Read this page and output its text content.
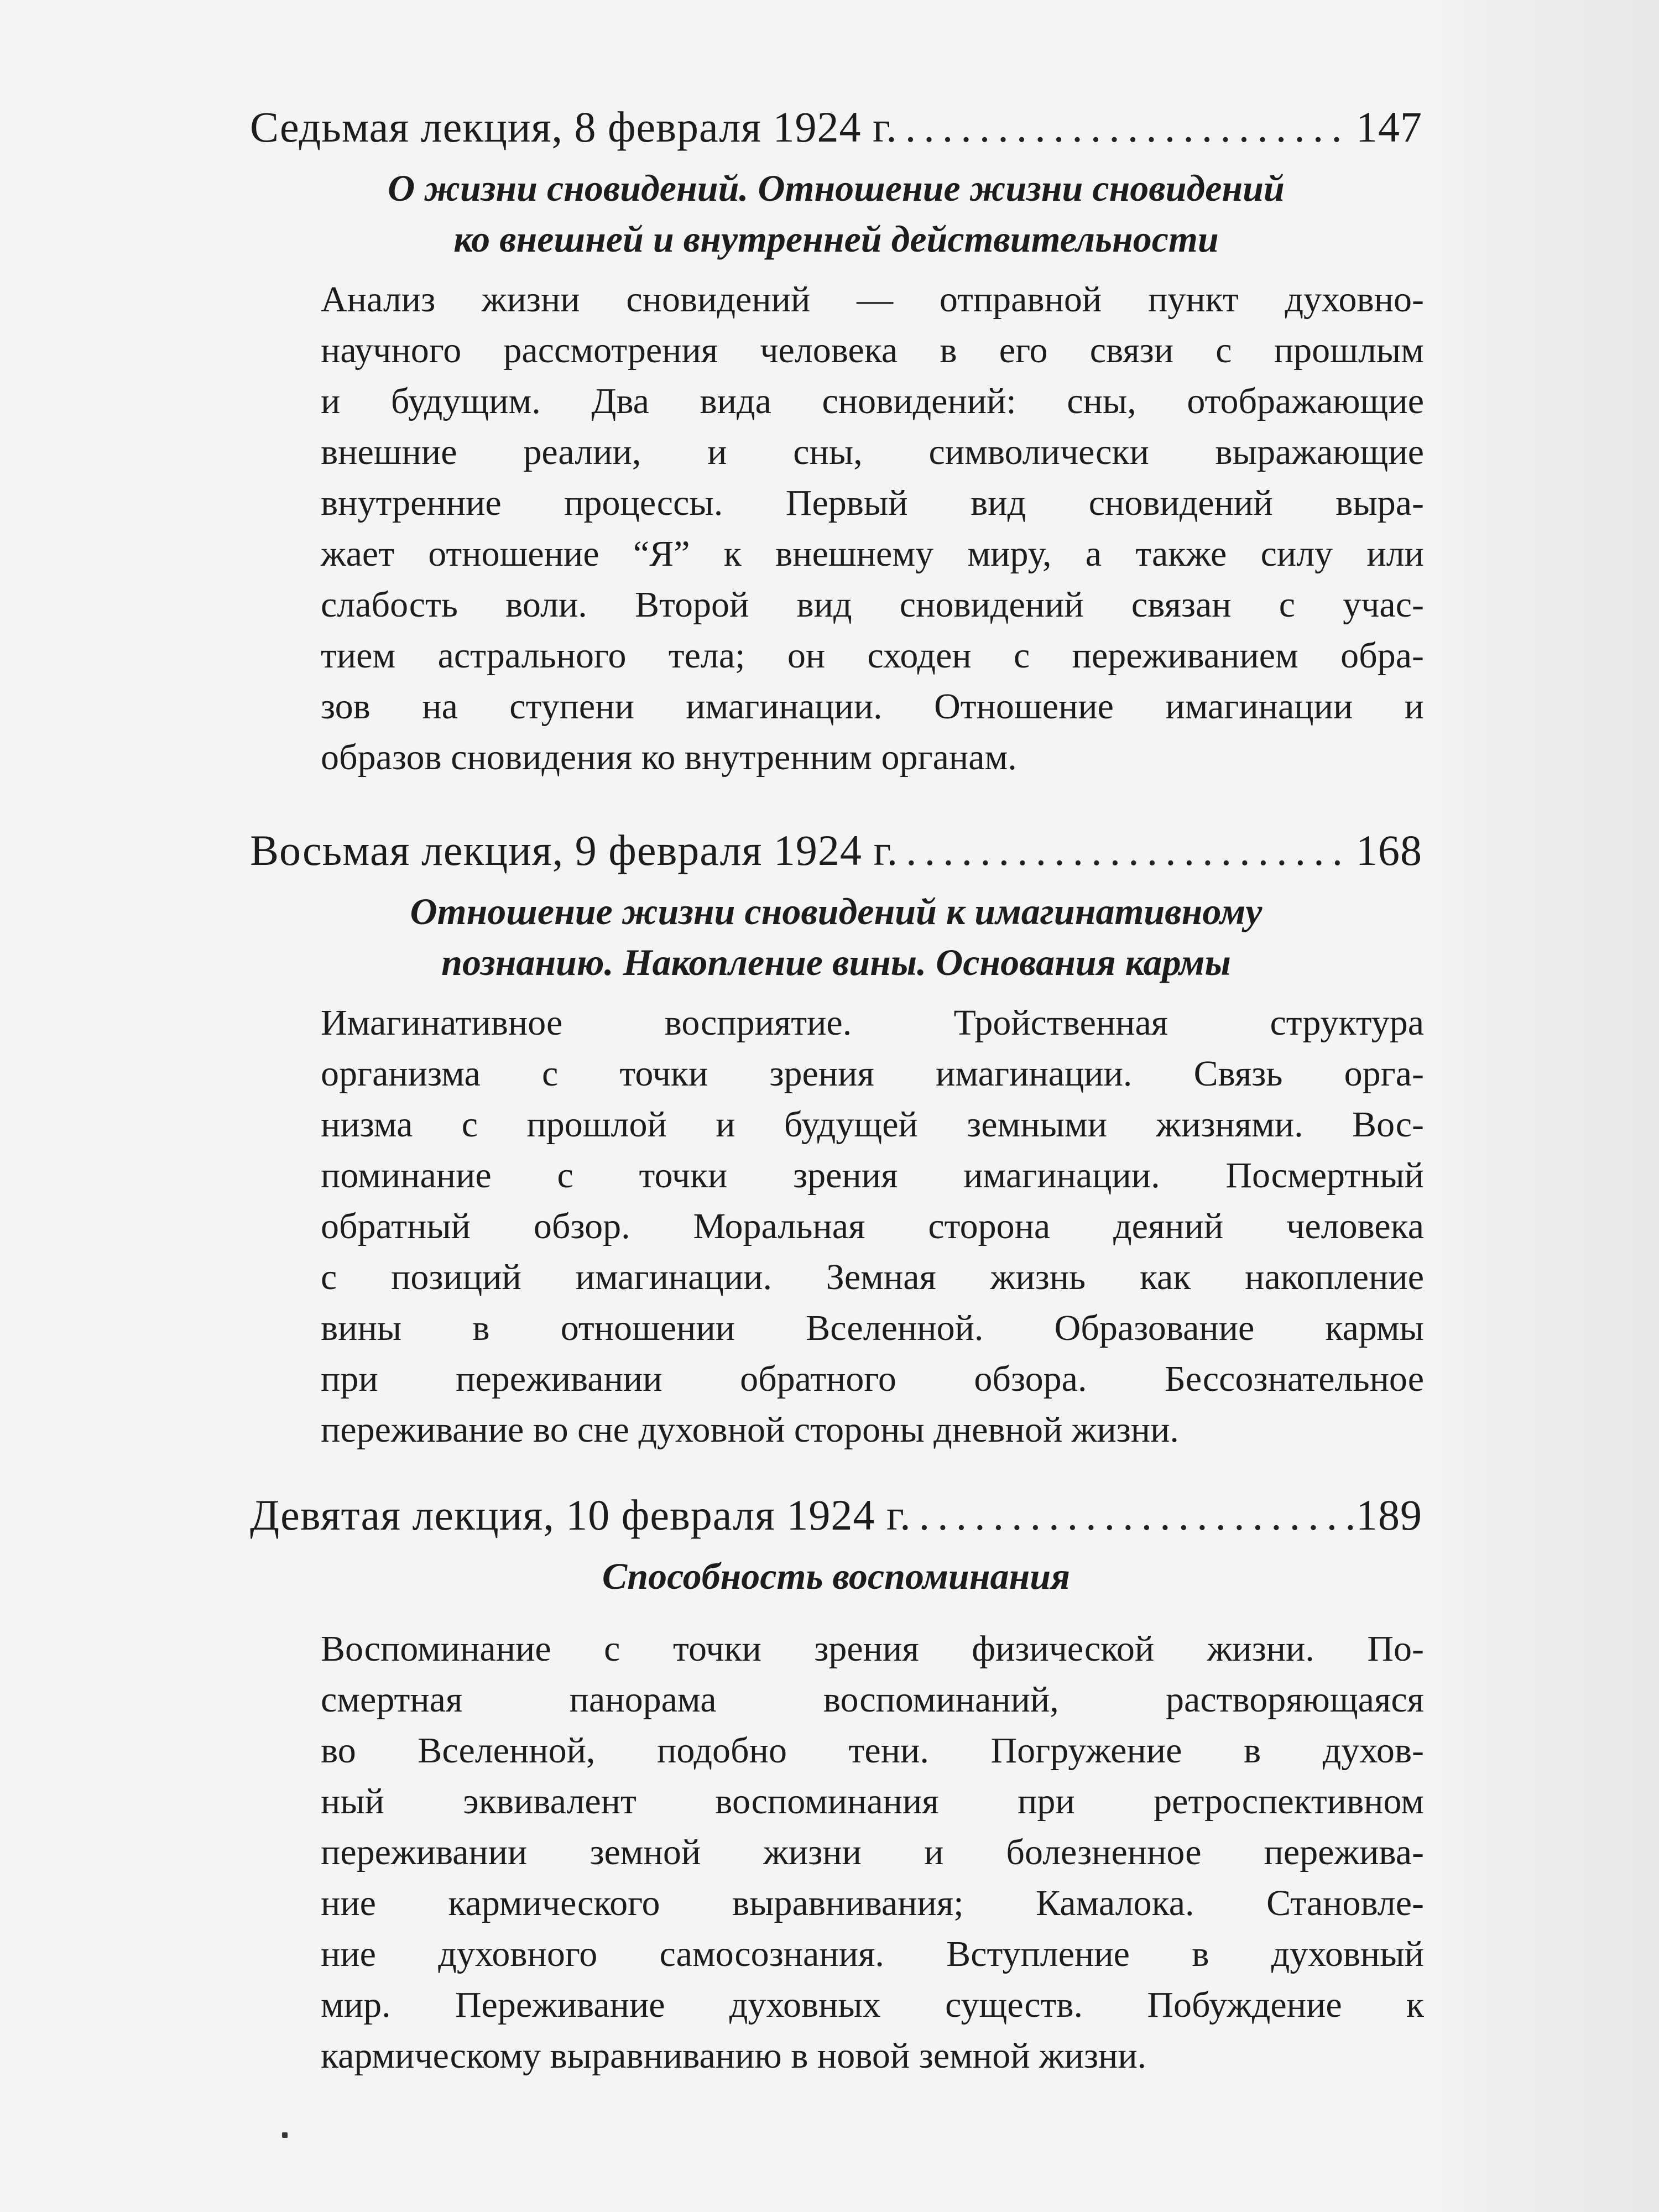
Седьмая лекция, 8 февраля 1924 г. .....	147
О жизни сновидений. Отношение жизни сновидений
ко внешней и внутренней действительности
Анализ жизни сновидений — отправной пункт духовно-
научного рассмотрения человека в его связи с прошлым
и будущим. Два вида сновидений: сны, отображающие
внешние реалии, и сны, символически выражающие
внутренние процессы. Первый вид сновидений выра-
жает отношение “Я” к внешнему миру, а также силу или
слабость воли. Второй вид сновидений связан с учас-
тием астрального тела; он сходен с переживанием обра-
зов на ступени имагинации. Отношение имагинации и
образов сновидения ко внутренним органам.
Восьмая лекция, 9 февраля 1924 г. .....	168
Отношение жизни сновидений к имагинативному
познанию. Накопление вины. Основания кармы
Имагинативное восприятие. Тройственная структура
организма с точки зрения имагинации. Связь орга-
низма с прошлой и будущей земными жизнями. Вос-
поминание с точки зрения имагинации. Посмертный
обратный обзор. Моральная сторона деяний человека
с позиций имагинации. Земная жизнь как накопление
вины в отношении Вселенной. Образование кармы
при переживании обратного обзора. Бессознательное
переживание во сне духовной стороны дневной жизни.
Девятая лекция, 10 февраля 1924 г. .....	189
Способность воспоминания
Воспоминание с точки зрения физической жизни. По-
смертная панорама воспоминаний, растворяющаяся
во Вселенной, подобно тени. Погружение в духов-
ный эквивалент воспоминания при ретроспективном
переживании земной жизни и болезненное пережива-
ние кармического выравнивания; Камалока. Становле-
ние духовного самосознания. Вступление в духовный
мир. Переживание духовных существ. Побуждение к
кармическому выравниванию в новой земной жизни.
